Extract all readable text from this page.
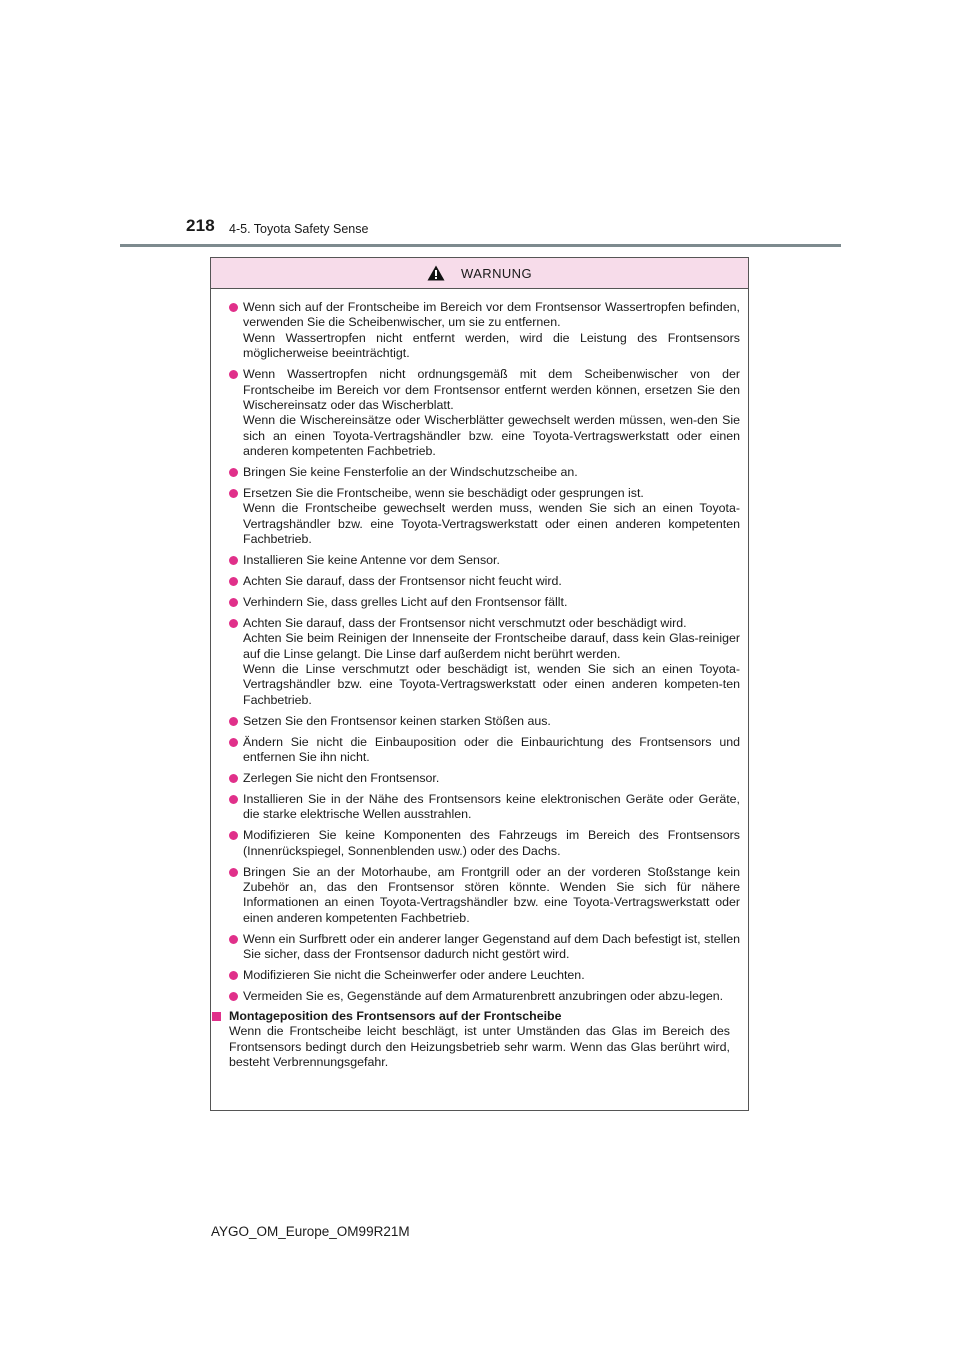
218 4-5. Toyota Safety Sense
WARNUNG

Wenn sich auf der Frontscheibe im Bereich vor dem Frontsensor Wassertropfen befinden, verwenden Sie die Scheibenwischer, um sie zu entfernen.

Wenn Wassertropfen nicht entfernt werden, wird die Leistung des Frontsensors möglicherweise beeinträchtigt.

Wenn Wassertropfen nicht ordnungsgemäß mit dem Scheibenwischer von der Frontscheibe im Bereich vor dem Frontsensor entfernt werden können, ersetzen Sie den Wischereinsatz oder das Wischerblatt.

Wenn die Wischereinsätze oder Wischerblätter gewechselt werden müssen, wen-den Sie sich an einen Toyota-Vertragshändler bzw. eine Toyota-Vertragswerkstatt oder einen anderen kompetenten Fachbetrieb.

Bringen Sie keine Fensterfolie an der Windschutzscheibe an.

Ersetzen Sie die Frontscheibe, wenn sie beschädigt oder gesprungen ist.

Wenn die Frontscheibe gewechselt werden muss, wenden Sie sich an einen Toyota-Vertragshändler bzw. eine Toyota-Vertragswerkstatt oder einen anderen kompetenten Fachbetrieb.

Installieren Sie keine Antenne vor dem Sensor.

Achten Sie darauf, dass der Frontsensor nicht feucht wird.

Verhindern Sie, dass grelles Licht auf den Frontsensor fällt.

Achten Sie darauf, dass der Frontsensor nicht verschmutzt oder beschädigt wird.

Achten Sie beim Reinigen der Innenseite der Frontscheibe darauf, dass kein Glas-reiniger auf die Linse gelangt. Die Linse darf außerdem nicht berührt werden.

Wenn die Linse verschmutzt oder beschädigt ist, wenden Sie sich an einen Toyota-Vertragshändler bzw. eine Toyota-Vertragswerkstatt oder einen anderen kompeten-ten Fachbetrieb.

Setzen Sie den Frontsensor keinen starken Stößen aus.

Ändern Sie nicht die Einbauposition oder die Einbaurichtung des Frontsensors und entfernen Sie ihn nicht.

Zerlegen Sie nicht den Frontsensor.

Installieren Sie in der Nähe des Frontsensors keine elektronischen Geräte oder Geräte, die starke elektrische Wellen ausstrahlen.

Modifizieren Sie keine Komponenten des Fahrzeugs im Bereich des Frontsensors (Innenrückspiegel, Sonnenblenden usw.) oder des Dachs.

Bringen Sie an der Motorhaube, am Frontgrill oder an der vorderen Stoßstange kein Zubehör an, das den Frontsensor stören könnte. Wenden Sie sich für nähere Informationen an einen Toyota-Vertragshändler bzw. eine Toyota-Vertragswerkstatt oder einen anderen kompetenten Fachbetrieb.

Wenn ein Surfbrett oder ein anderer langer Gegenstand auf dem Dach befestigt ist, stellen Sie sicher, dass der Frontsensor dadurch nicht gestört wird.

Modifizieren Sie nicht die Scheinwerfer oder andere Leuchten.

Vermeiden Sie es, Gegenstände auf dem Armaturenbrett anzubringen oder abzu-legen.

Montageposition des Frontsensors auf der Frontscheibe

Wenn die Frontscheibe leicht beschlägt, ist unter Umständen das Glas im Bereich des Frontsensors bedingt durch den Heizungsbetrieb sehr warm. Wenn das Glas berührt wird, besteht Verbrennungsgefahr.

AYGO_OM_Europe_OM99R21M
